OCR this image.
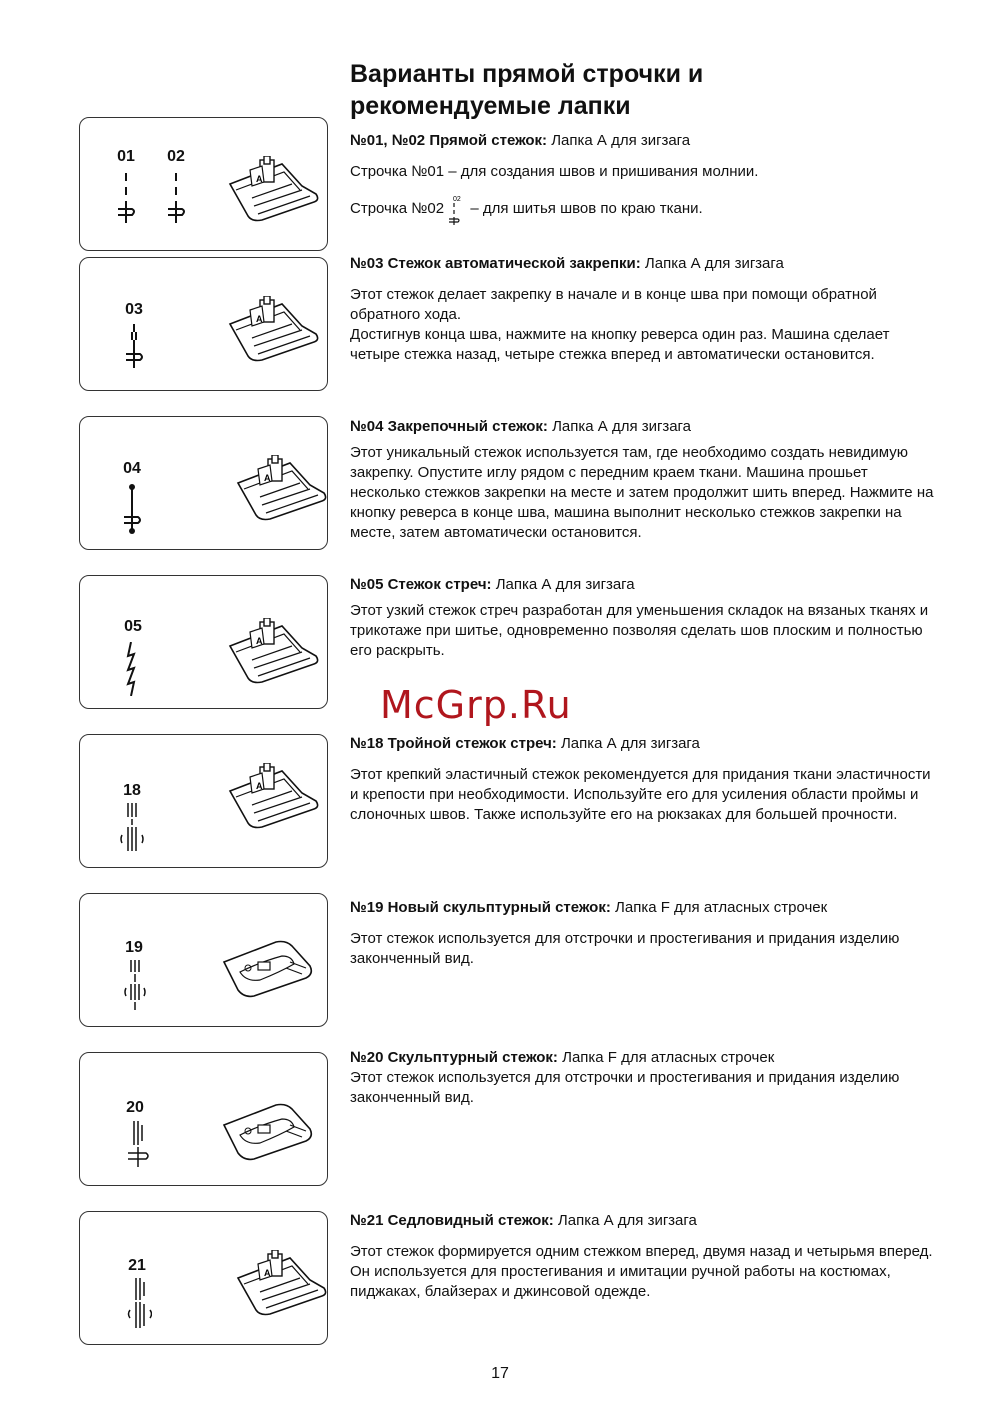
Варианты прямой строчки и
рекомендуемые лапки
01	02

№01, №02 Прямой стежок: Лапка А для зигзага

Строчка №01 – для создания швов и пришивания молнии.

Строчка №02
02
– для шитья швов по краю ткани.

03

№03 Стежок автоматической закрепки: Лапка А для зигзага

Этот стежок делает закрепку в начале и в конце шва при помощи обратной обратного хода.

Достигнув конца шва, нажмите на кнопку реверса один раз. Машина сделает четыре стежка назад, четыре стежка вперед и автоматически остановится.

04

№04 Закрепочный стежок: Лапка А для зигзага

Этот уникальный стежок используется там, где необходимо создать невидимую закрепку. Опустите иглу рядом с передним краем ткани. Машина прошьет несколько стежков закрепки на месте и затем продолжит шить вперед. Нажмите на кнопку реверса в конце шва, машина выполнит несколько стежков закрепки на месте, затем автоматически остановится.

05

№05 Стежок стреч: Лапка А для зигзага

Этот узкий стежок стреч разработан для уменьшения складок на вязаных тканях и трикотаже при шитье, одновременно позволяя сделать шов плоским и полностью его раскрыть.

McGrp.Ru
18

№18 Тройной стежок стреч: Лапка А для зигзага

Этот крепкий эластичный стежок рекомендуется для придания ткани эластичности и крепости при необходимости. Используйте его для усиления области проймы и слоночных швов. Также используйте его на рюкзаках для большей прочности.

19

№19 Новый скульптурный стежок: Лапка F для атласных строчек

Этот стежок используется для отстрочки и простегивания и придания изделию законченный вид.

20

№20 Скульптурный стежок: Лапка F для атласных строчек

Этот стежок используется для отстрочки и простегивания и придания изделию законченный вид.

21

№21 Седловидный стежок: Лапка А для зигзага

Этот стежок формируется одним стежком вперед, двумя назад и четырьмя вперед.

Он используется для простегивания и имитации ручной работы на костюмах, пиджаках, блайзерах и джинсовой одежде.

17
